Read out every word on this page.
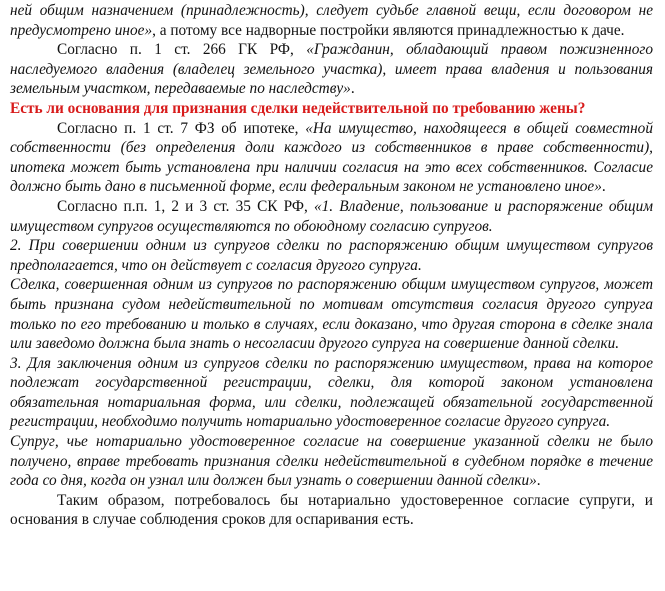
ней общим назначением (принадлежность), следует судьбе главной вещи, если договором не предусмотрено иное», а потому все надворные постройки являются принадлежностью к даче.

Согласно п. 1 ст. 266 ГК РФ, «Гражданин, обладающий правом пожизненного наследуемого владения (владелец земельного участка), имеет права владения и пользования земельным участком, передаваемые по наследству».

Есть ли основания для признания сделки недействительной по требованию жены?

Согласно п. 1 ст. 7 ФЗ об ипотеке, «На имущество, находящееся в общей совместной собственности (без определения доли каждого из собственников в праве собственности), ипотека может быть установлена при наличии согласия на это всех собственников. Согласие должно быть дано в письменной форме, если федеральным законом не установлено иное».

Согласно п.п. 1, 2 и 3 ст. 35 СК РФ, «1. Владение, пользование и распоряжение общим имуществом супругов осуществляются по обоюдному согласию супругов.

2. При совершении одним из супругов сделки по распоряжению общим имуществом супругов предполагается, что он действует с согласия другого супруга.

Сделка, совершенная одним из супругов по распоряжению общим имуществом супругов, может быть признана судом недействительной по мотивам отсутствия согласия другого супруга только по его требованию и только в случаях, если доказано, что другая сторона в сделке знала или заведомо должна была знать о несогласии другого супруга на совершение данной сделки.

3. Для заключения одним из супругов сделки по распоряжению имуществом, права на которое подлежат государственной регистрации, сделки, для которой законом установлена обязательная нотариальная форма, или сделки, подлежащей обязательной государственной регистрации, необходимо получить нотариально удостоверенное согласие другого супруга.

Супруг, чье нотариально удостоверенное согласие на совершение указанной сделки не было получено, вправе требовать признания сделки недействительной в судебном порядке в течение года со дня, когда он узнал или должен был узнать о совершении данной сделки».

Таким образом, потребовалось бы нотариально удостоверенное согласие супруги, и основания в случае соблюдения сроков для оспаривания есть.
